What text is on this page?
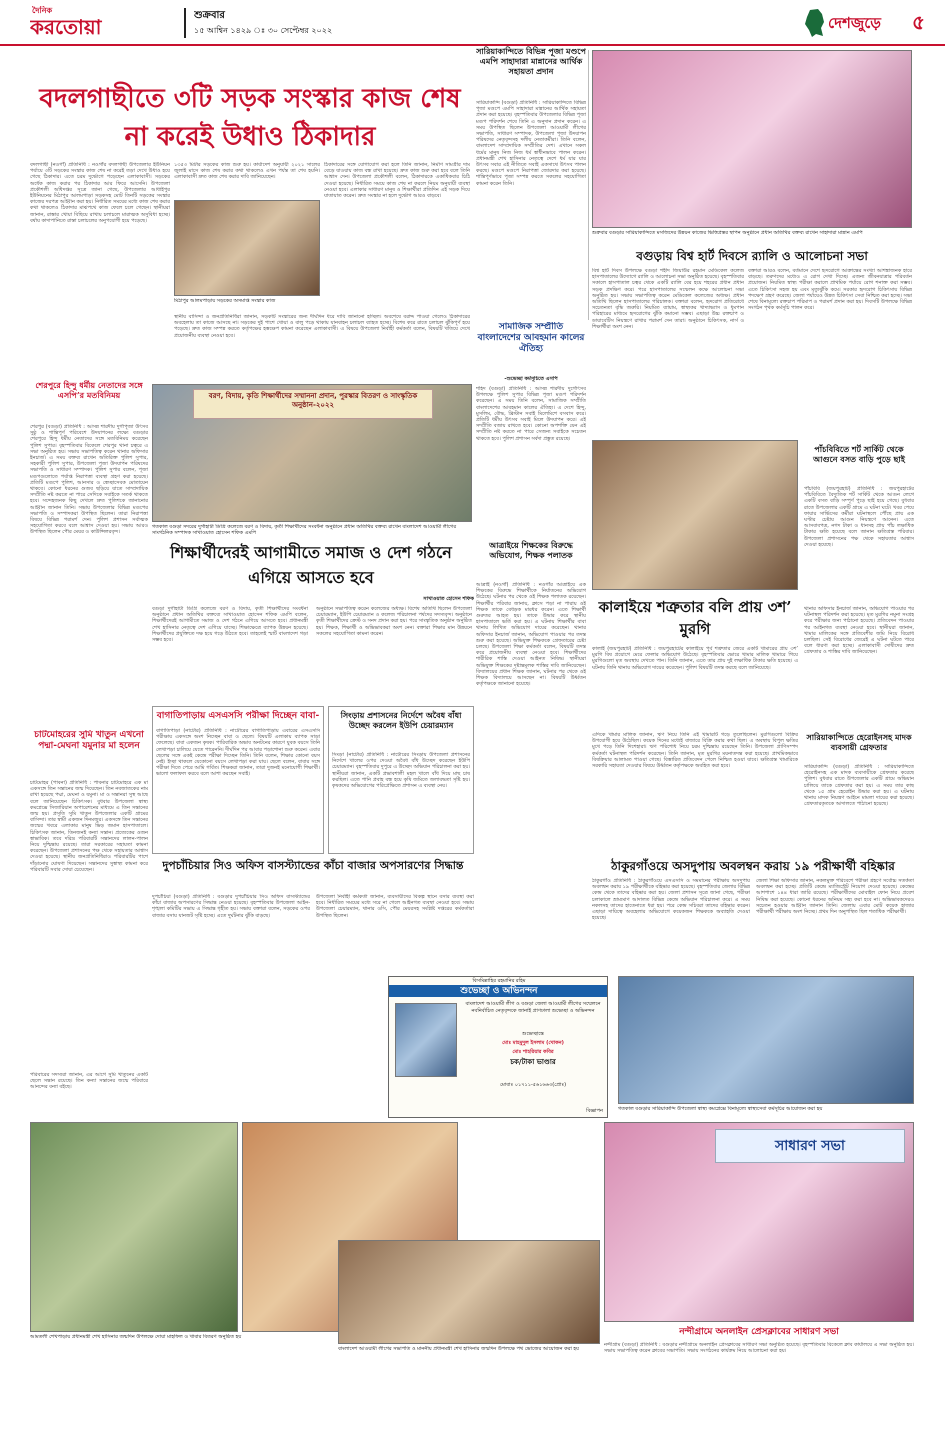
দৈনিক
করতোয়া	শুক্রবার
১৫ আশ্বিন ১৪২৯ ঃ ৩০ সেপ্টেম্বর ২০২২	দেশজুড়ে	৫
বদলগাছীতে ৩টি সড়ক সংস্কার কাজ শেষ না করেই উধাও ঠিকাদার
বদলগাছী (নওগাঁ) প্রতিনিধি : নওগাঁর বদলগাছী উপজেলার ইউনিয়ন পর্যায়ে ৩টি সড়কের সংস্কার কাজ শেষ না করেই তড়া দেখে উধাও হয়ে গেছে ঠিকাদার। এতে চরম দুর্ভোগে পড়েছেন এলাকাবাসী। সড়কের অর্ধেক কাজ করার পর ঠিকাদার আর ফিরে আসেনি। উপজেলা প্রকৌশলী অধিদপ্তর সূত্রে জানা গেছে, উপজেলার আধাইপুর ইউনিয়নের মিঠাপুর আলমপাড়া সড়কসহ মোট তিনটি সড়কের সংস্কার কাজের দরপত্র আহ্বান করা হয়। নির্ধারিত সময়ের মধ্যে কাজ শেষ করার কথা থাকলেও ঠিকাদার মাঝপথে কাজ ফেলে চলে গেছেন। স্থানীয়রা জানান, রাস্তার খোয়া বিছিয়ে রাখায় চলাচলে মারাত্মক অসুবিধা হচ্ছে। বর্ষায় কাদাপানিতে রাস্তা চলাচলের অনুপযোগী হয়ে পড়েছে।
১৩৫৩ মিটার সড়কের কাজ শুরু হয়। কার্যাদেশ অনুযায়ী ২০২১ সালের জুলাই মাসে কাজ শেষ করার কথা থাকলেও এখন পর্যন্ত তা শেষ হয়নি। এলাকাবাসী দ্রুত কাজ শেষ করার দাবি জানিয়েছেন।
ঠিকাদারের সঙ্গে যোগাযোগ করা হলে তিনি জানান, নির্মাণ সামগ্রীর দাম বেড়ে যাওয়ায় কাজ বন্ধ রাখা হয়েছে। দ্রুত কাজ শুরু করা হবে বলে তিনি আশ্বাস দেন। উপজেলা প্রকৌশলী বলেন, ঠিকাদারকে একাধিকবার চিঠি দেওয়া হয়েছে। নির্ধারিত সময়ে কাজ শেষ না করলে নিয়ম অনুযায়ী ব্যবস্থা নেওয়া হবে। এলাকার সাধারণ মানুষ ও শিক্ষার্থীরা প্রতিদিন এই সড়ক দিয়ে যাতায়াত করেন। দ্রুত সংস্কার না হলে দুর্ভোগ আরও বাড়বে।
মিঠাপুর আলমপাড়ায় সড়কের অসমাপ্ত সংস্কার কাজ
স্থানীয় বাসিন্দা ও জনপ্রতিনিধিরা জানান, সড়কটি সংস্কারের জন্য দীর্ঘদিন ধরে দাবি জানানো হচ্ছিল। অবশেষে বরাদ্দ পাওয়া গেলেও ঠিকাদারের অবহেলায় তা কাজে আসছে না। সড়কের দুই পাশে খোয়া ও বালু পড়ে থাকায় যানবাহন চলাচল ব্যাহত হচ্ছে। বিশেষ করে রাতে চলাচল ঝুঁকিপূর্ণ হয়ে পড়েছে। দ্রুত কাজ সম্পন্ন করতে কর্তৃপক্ষের হস্তক্ষেপ কামনা করেছেন এলাকাবাসী। এ বিষয়ে উপজেলা নির্বাহী কর্মকর্তা বলেন, বিষয়টি খতিয়ে দেখে প্রয়োজনীয় ব্যবস্থা নেওয়া হবে।
সারিয়াকান্দিতে বিভিন্ন পূজা মণ্ডপে এমপি সাহাদারা মান্নানের আর্থিক সহায়তা প্রদান
সারিয়াকান্দি (বগুড়া) প্রতিনিধি : সারিয়াকান্দিতে বিভিন্ন পূজা মণ্ডপে এমপি সাহাদারা মান্নানের আর্থিক সহায়তা প্রদান করা হয়েছে। বৃহস্পতিবার উপজেলার বিভিন্ন পূজা মণ্ডপ পরিদর্শন শেষে তিনি এ অনুদান প্রদান করেন। এ সময় উপস্থিত ছিলেন উপজেলা আওয়ামী লীগের সভাপতি, সাধারণ সম্পাদক, উপজেলা পূজা উদযাপন পরিষদের নেতৃবৃন্দসহ দলীয় নেতাকর্মীরা। তিনি বলেন, বাংলাদেশ সাম্প্রদায়িক সম্প্রীতির দেশ। এখানে সকল ধর্মের মানুষ নিজ নিজ ধর্ম স্বাধীনভাবে পালন করেন। প্রধানমন্ত্রী শেখ হাসিনার নেতৃত্বে দেশে ধর্ম যার যার উৎসব সবার এই নীতিতে সবাই একসাথে উৎসব পালন করছে। মণ্ডপে মণ্ডপে নিরাপত্তা জোরদার করা হয়েছে। শান্তিপূর্ণভাবে পূজা সম্পন্ন করতে সকলের সহযোগিতা কামনা করেন তিনি।
শুক্রবার বগুড়ার সারিয়াকান্দিতে মসজিদের উন্নয়ন কাজের ভিত্তিপ্রস্তর স্থাপন অনুষ্ঠানে প্রধান অতিথির বক্তব্য রাখেন সাহাদারা মান্নান এমপি
বগুড়ায় বিশ্ব হার্ট দিবসে র‌্যালি ও আলোচনা সভা
বিশ্ব হার্ট দিবস উপলক্ষে বগুড়া শহীদ জিয়াউর রহমান মেডিকেল কলেজ হাসপাতালের উদ্যোগে র‌্যালি ও আলোচনা সভা অনুষ্ঠিত হয়েছে। বৃহস্পতিবার সকালে হাসপাতাল চত্বর থেকে একটি র‌্যালি বের হয়ে শহরের প্রধান প্রধান সড়ক প্রদক্ষিণ করে। পরে হাসপাতালের সম্মেলন কক্ষে আলোচনা সভা অনুষ্ঠিত হয়। সভায় সভাপতিত্ব করেন মেডিকেল কলেজের অধ্যক্ষ। প্রধান অতিথি ছিলেন হাসপাতালের পরিচালক। বক্তারা বলেন, হৃদরোগ প্রতিরোধে সচেতনতা বৃদ্ধি জরুরি। নিয়মিত ব্যায়াম, স্বাস্থ্যকর খাদ্যাভ্যাস ও ধূমপান পরিহারের মাধ্যমে হৃদরোগের ঝুঁকি কমানো সম্ভব। এছাড়া উচ্চ রক্তচাপ ও ডায়াবেটিস নিয়ন্ত্রণে রাখার পরামর্শ দেন তারা। অনুষ্ঠানে চিকিৎসক, নার্স ও শিক্ষার্থীরা অংশ নেন।
বক্তারা আরও বলেন, বর্তমানে দেশে হৃদরোগে আক্রান্তের সংখ্যা আশঙ্কাজনক হারে বাড়ছে। তরুণদের মধ্যেও এ রোগ দেখা দিচ্ছে। এজন্য জীবনযাত্রার পরিবর্তন প্রয়োজন। নিয়মিত স্বাস্থ্য পরীক্ষা করালে প্রাথমিক পর্যায়ে রোগ শনাক্ত করা সম্ভব। এতে চিকিৎসা সহজ হয় এবং মৃত্যুঝুঁকি কমে। সরকার হৃদরোগ চিকিৎসায় বিভিন্ন পদক্ষেপ গ্রহণ করেছে। জেলা পর্যায়েও উন্নত চিকিৎসা সেবা নিশ্চিত করা হচ্ছে। সভা শেষে বিনামূল্যে রক্তচাপ পরিমাপ ও পরামর্শ প্রদান করা হয়। দিবসটি উপলক্ষে বিভিন্ন সংগঠন পৃথক কর্মসূচি পালন করে।
শেরপুরে হিন্দু ধর্মীয় নেতাদের সঙ্গে এসপি’র মতবিনিময়
শেরপুর (বগুড়া) প্রতিনিধি : আসন্ন শারদীয় দুর্গাপূজা উৎসব সুষ্ঠু ও শান্তিপূর্ণ পরিবেশে উদযাপনের লক্ষ্যে বগুড়ার শেরপুরে হিন্দু ধর্মীয় নেতাদের সঙ্গে মতবিনিময় করেছেন পুলিশ সুপার। বৃহস্পতিবার বিকেলে শেরপুর থানা চত্বরে এ সভা অনুষ্ঠিত হয়। সভায় সভাপতিত্ব করেন থানার অফিসার ইনচার্জ। এ সময় বক্তব্য রাখেন অতিরিক্ত পুলিশ সুপার, সহকারী পুলিশ সুপার, উপজেলা পূজা উদযাপন পরিষদের সভাপতি ও সাধারণ সম্পাদক। পুলিশ সুপার বলেন, পূজা মণ্ডপগুলোতে পর্যাপ্ত নিরাপত্তা ব্যবস্থা গ্রহণ করা হয়েছে। প্রতিটি মণ্ডপে পুলিশ, আনসার ও স্বেচ্ছাসেবক মোতায়েন থাকবে। কোনো ধরনের গুজব ছড়িয়ে যাতে সাম্প্রদায়িক সম্প্রীতি নষ্ট করতে না পারে সেদিকে সবাইকে সতর্ক থাকতে হবে। সন্দেহজনক কিছু দেখলে দ্রুত পুলিশকে জানানোর আহ্বান জানান তিনি। সভায় উপজেলার বিভিন্ন মণ্ডপের সভাপতি ও সম্পাদকরা উপস্থিত ছিলেন। তারা নিরাপত্তা বিষয়ে বিভিন্ন পরামর্শ দেন। পুলিশ প্রশাসন সর্বাত্মক সহযোগিতা করবে বলে আশ্বাস দেওয়া হয়। সভায় আরও উপস্থিত ছিলেন পৌর মেয়র ও কাউন্সিলরবৃন্দ।
বরণ, বিদায়, কৃতি শিক্ষার্থীদের সম্মাননা প্রদান, পুরস্কার বিতরণ ও সাংস্কৃতিক অনুষ্ঠান-২০২২
গতকাল বগুড়া সদরের দুর্গাহাটা ডিগ্রি কলেজে বরণ ও বিদায়, কৃতী শিক্ষার্থীদের সংবর্ধনা অনুষ্ঠানে প্রধান অতিথির বক্তব্য রাখেন বাংলাদেশ আওয়ামী লীগের সাংগঠনিক সম্পাদক সাখাওয়াত হোসেন শফিক এমপি
সামাজিক সম্প্রীতি বাংলাদেশের আবহমান কালের ঐতিহ্য
-শুভেচ্ছা কর্মসূচিতে এসপি
শহিদ (বগুড়া) প্রতিনিধি : আসন্ন শারদীয় দুর্গোৎসব উপলক্ষে পুলিশ সুপার বিভিন্ন পূজা মণ্ডপ পরিদর্শন করেছেন। এ সময় তিনি বলেন, সামাজিক সম্প্রীতি বাংলাদেশের আবহমান কালের ঐতিহ্য। এ দেশে হিন্দু, মুসলিম, বৌদ্ধ, খ্রিস্টান সবাই মিলেমিশে বসবাস করে। প্রতিটি ধর্মীয় উৎসব সবাই মিলে উদযাপন করে। এই সম্প্রীতি বজায় রাখতে হবে। কোনো অপশক্তি যেন এই সম্প্রীতি নষ্ট করতে না পারে সেজন্য সবাইকে সচেতন থাকতে হবে। পুলিশ প্রশাসন সর্বদা প্রস্তুত রয়েছে।
পাঁচবিবিতে শর্ট সার্কিট থেকে আগুনে বসত বাড়ি পুড়ে ছাই
পাঁচবিবি (জয়পুরহাট) প্রতিনিধি : জয়পুরহাটের পাঁচবিবিতে বৈদ্যুতিক শর্ট সার্কিট থেকে আগুন লেগে একটি বসত বাড়ি সম্পূর্ণ পুড়ে ছাই হয়ে গেছে। বুধবার রাতে উপজেলার একটি গ্রামে এ ঘটনা ঘটে। খবর পেয়ে ফায়ার সার্ভিসের কর্মীরা ঘটনাস্থলে পৌঁছে প্রায় এক ঘণ্টার চেষ্টায় আগুন নিয়ন্ত্রণে আনেন। এতে আসবাবপত্র, নগদ টাকা ও ধানসহ প্রায় পাঁচ লক্ষাধিক টাকার ক্ষতি হয়েছে বলে জানান ক্ষতিগ্রস্ত পরিবার। উপজেলা প্রশাসনের পক্ষ থেকে সহায়তার আশ্বাস দেওয়া হয়েছে।
শিক্ষার্থীদেরই আগামীতে সমাজ ও দেশ গঠনে এগিয়ে আসতে হবে
সাখাওয়াত হোসেন শফিক
বগুড়া দুর্গাহাটা ডিগ্রি কলেজে বরণ ও বিদায়, কৃতী শিক্ষার্থীদের সংবর্ধনা অনুষ্ঠানে প্রধান অতিথির বক্তব্যে সাখাওয়াত হোসেন শফিক এমপি বলেন, শিক্ষার্থীদেরই আগামীতে সমাজ ও দেশ গঠনে এগিয়ে আসতে হবে। প্রধানমন্ত্রী শেখ হাসিনার নেতৃত্বে দেশ এগিয়ে যাচ্ছে। শিক্ষাক্ষেত্রে ব্যাপক উন্নয়ন হয়েছে। শিক্ষার্থীদের প্রযুক্তিতে দক্ষ হয়ে গড়ে উঠতে হবে। তাহলেই স্মার্ট বাংলাদেশ গড়া সম্ভব হবে।
অনুষ্ঠানে সভাপতিত্ব করেন কলেজের অধ্যক্ষ। বিশেষ অতিথি ছিলেন উপজেলা চেয়ারম্যান, ইউপি চেয়ারম্যান ও কলেজ পরিচালনা পর্ষদের সদস্যবৃন্দ। অনুষ্ঠানে কৃতী শিক্ষার্থীদের ক্রেস্ট ও সনদ প্রদান করা হয়। পরে সাংস্কৃতিক অনুষ্ঠান অনুষ্ঠিত হয়। শিক্ষক, শিক্ষার্থী ও অভিভাবকরা অংশ নেন। বক্তারা শিক্ষার মান উন্নয়নে সকলের সহযোগিতা কামনা করেন।
কালাইয়ে শত্রুতার বলি প্রায় ৩শ’ মুরগি
কালাই (জয়পুরহাট) প্রতিনিধি : জয়পুরহাটের কালাইয়ে পূর্ব শত্রুতার জেরে একটি খামারের প্রায় ৩শ’ মুরগি বিষ প্রয়োগে মেরে ফেলার অভিযোগ উঠেছে। বৃহস্পতিবার ভোরে খামার মালিক খামারে গিয়ে মুরগিগুলো মৃত অবস্থায় দেখতে পান। তিনি জানান, এতে তার প্রায় দুই লক্ষাধিক টাকার ক্ষতি হয়েছে। এ ঘটনায় তিনি থানায় অভিযোগ দায়ের করেছেন। পুলিশ বিষয়টি তদন্ত করছে বলে জানিয়েছে।
থানার অফিসার ইনচার্জ জানান, অভিযোগ পাওয়ার পর ঘটনাস্থল পরিদর্শন করা হয়েছে। মৃত মুরগির নমুনা সংগ্রহ করে পরীক্ষার জন্য পাঠানো হয়েছে। প্রতিবেদন পাওয়ার পর আইনগত ব্যবস্থা নেওয়া হবে। স্থানীয়রা জানান, খামার মালিকের সঙ্গে প্রতিবেশীর জমি নিয়ে বিরোধ চলছিল। সেই বিরোধের জেরেই এ ঘটনা ঘটতে পারে বলে ধারণা করা হচ্ছে। এলাকাবাসী দোষীদের দ্রুত গ্রেফতার ও শাস্তির দাবি জানিয়েছেন।
চাটমোহরের সুমি খাতুন এখনো পদ্মা-মেঘনা যমুনার মা হলেন
চাটমোহর (পাবনা) প্রতিনিধি : পাবনার চাটমোহরে এক মা একসঙ্গে তিন সন্তানের জন্ম দিয়েছেন। তিন নবজাতকের নাম রাখা হয়েছে পদ্মা, মেঘনা ও যমুনা। মা ও সন্তানরা সুস্থ আছে বলে জানিয়েছেন চিকিৎসক। বুধবার উপজেলা স্বাস্থ্য কমপ্লেক্সে সিজারিয়ান অপারেশনের মাধ্যমে এ তিন সন্তানের জন্ম হয়। প্রসূতি সুমি খাতুন উপজেলার একটি গ্রামের বাসিন্দা। তার স্বামী একজন দিনমজুর। একসঙ্গে তিন সন্তানের জন্মের খবরে এলাকার মানুষ ভিড় জমান হাসপাতালে। চিকিৎসক জানান, তিনজনই কন্যা সন্তান। প্রত্যেকের ওজন স্বাভাবিক। তবে দরিদ্র পরিবারটি সন্তানদের লালন-পালন নিয়ে দুশ্চিন্তায় রয়েছে। তারা সরকারের সহায়তা কামনা করেছেন। উপজেলা প্রশাসনের পক্ষ থেকে সহায়তার আশ্বাস দেওয়া হয়েছে। স্থানীয় জনপ্রতিনিধিরাও পরিবারটির পাশে দাঁড়ানোর ঘোষণা দিয়েছেন। সন্তানদের সুস্বাস্থ্য কামনা করে পরিবারটি সবার দোয়া চেয়েছেন।
বাগাতিপাড়ায় এসএসসি পরীক্ষা দিচ্ছেন বাবা-
বাগাতিপাড়া (নাটোর) প্রতিনিধি : নাটোরের বাগাতিপাড়ায় এবারের এসএসসি পরীক্ষায় একসঙ্গে অংশ নিচ্ছেন বাবা ও ছেলে। বিষয়টি এলাকায় ব্যাপক সাড়া ফেলেছে। বাবা একজন কৃষক। পারিবারিক অভাব অনটনের কারণে যুবক বয়সে তিনি লেখাপড়া চালিয়ে যেতে পারেননি। দীর্ঘদিন পর আবার পড়াশোনা শুরু করেন। এবার ছেলের সঙ্গে একই কেন্দ্রে পরীক্ষা দিচ্ছেন তিনি। তিনি বলেন, শিক্ষার কোনো বয়স নেই। ইচ্ছা থাকলে যেকোনো বয়সে লেখাপড়া করা যায়। ছেলে বলেন, বাবার সঙ্গে পরীক্ষা দিতে পেরে আমি গর্বিত। শিক্ষকরা জানান, তারা দুজনই মনোযোগী শিক্ষার্থী। ভালো ফলাফল করবে বলে আশা করছেন সবাই।
সিংড়ায় প্রশাসনের নির্দেশে অবৈধ বাঁধা উচ্ছেদ করলেন ইউপি চেয়ারম্যান
সিংড়া (নাটোর) প্রতিনিধি : নাটোরের সিংড়ায় উপজেলা প্রশাসনের নির্দেশে খালের ওপর দেওয়া অবৈধ বাঁধ উচ্ছেদ করেছেন ইউপি চেয়ারম্যান। বৃহস্পতিবার দুপুরে এ উচ্ছেদ অভিযান পরিচালনা করা হয়। স্থানীয়রা জানান, একটি প্রভাবশালী মহল খালে বাঁধ দিয়ে মাছ চাষ করছিল। এতে পানি প্রবাহ বন্ধ হয়ে কৃষি জমিতে জলাবদ্ধতা সৃষ্টি হয়। কৃষকদের অভিযোগের পরিপ্রেক্ষিতে প্রশাসন এ ব্যবস্থা নেয়।
আত্রাইয়ে শিক্ষকের বিরুদ্ধে অভিযোগ, শিক্ষক পলাতক
আত্রাই (নওগাঁ) প্রতিনিধি : নওগাঁর আত্রাইয়ে এক শিক্ষকের বিরুদ্ধে শিক্ষার্থীকে নির্যাতনের অভিযোগ উঠেছে। ঘটনার পর থেকে ওই শিক্ষক পলাতক রয়েছেন। শিক্ষার্থীর পরিবার জানায়, ক্লাসে পড়া না পারায় ওই শিক্ষক তাকে বেধড়ক মারধর করেন। এতে শিক্ষার্থী গুরুতর আহত হয়। তাকে উদ্ধার করে স্থানীয় হাসপাতালে ভর্তি করা হয়। এ ঘটনায় শিক্ষার্থীর বাবা থানায় লিখিত অভিযোগ দায়ের করেছেন। থানার অফিসার ইনচার্জ জানান, অভিযোগ পাওয়ার পর তদন্ত শুরু করা হয়েছে। অভিযুক্ত শিক্ষককে গ্রেফতারের চেষ্টা চলছে। উপজেলা শিক্ষা কর্মকর্তা বলেন, বিষয়টি তদন্ত করে প্রয়োজনীয় ব্যবস্থা নেওয়া হবে। শিক্ষার্থীদের শারীরিক শাস্তি দেওয়া আইনত নিষিদ্ধ। স্থানীয়রা অভিযুক্ত শিক্ষকের দৃষ্টান্তমূলক শাস্তির দাবি জানিয়েছেন। বিদ্যালয়ের প্রধান শিক্ষক জানান, ঘটনার পর থেকে ওই শিক্ষক বিদ্যালয়ে আসছেন না। বিষয়টি উর্ধ্বতন কর্তৃপক্ষকে জানানো হয়েছে।
এদিকে খামার মালিক জানান, ঋণ নিয়ে তিনি এই খামারটি গড়ে তুলেছিলেন। মুরগিগুলো বিক্রির উপযোগী হয়ে উঠেছিল। কয়েক দিনের মধ্যেই বাজারে বিক্রি করার কথা ছিল। এ অবস্থায় বিপুল ক্ষতির মুখে পড়ে তিনি দিশেহারা। ঋণ পরিশোধ নিয়ে চরম দুশ্চিন্তায় রয়েছেন তিনি। উপজেলা প্রাণিসম্পদ কর্মকর্তা ঘটনাস্থল পরিদর্শন করেছেন। তিনি জানান, মৃত মুরগির ময়নাতদন্ত করা হয়েছে। প্রাথমিকভাবে বিষক্রিয়ার আলামত পাওয়া গেছে। বিস্তারিত প্রতিবেদন পেলে নিশ্চিত হওয়া যাবে। ক্ষতিগ্রস্ত খামারিকে সরকারি সহায়তা দেওয়ার বিষয়ে উর্ধ্বতন কর্তৃপক্ষকে অবহিত করা হবে।
সারিয়াকান্দিতে হেরোইনসহ মাদক ব্যবসায়ী গ্রেফতার
সারিয়াকান্দি (বগুড়া) প্রতিনিধি : সারিয়াকান্দিতে হেরোইনসহ এক মাদক ব্যবসায়ীকে গ্রেফতার করেছে পুলিশ। বুধবার রাতে উপজেলার একটি গ্রামে অভিযান চালিয়ে তাকে গ্রেফতার করা হয়। এ সময় তার কাছ থেকে ১৫ গ্রাম হেরোইন উদ্ধার করা হয়। এ ঘটনায় থানায় মাদক নিয়ন্ত্রণ আইনে মামলা দায়ের করা হয়েছে। গ্রেফতারকৃতকে আদালতে পাঠানো হয়েছে।
ঠাকুরগাঁওয়ে অসদুপায় অবলম্বন করায় ১৯ পরীক্ষার্থী বহিষ্কার
ঠাকুরগাঁও প্রতিনিধি : ঠাকুরগাঁওয়ে এসএসসি ও সমমানের পরীক্ষায় অসদুপায় অবলম্বন করায় ১৯ পরীক্ষার্থীকে বহিষ্কার করা হয়েছে। বৃহস্পতিবার জেলার বিভিন্ন কেন্দ্র থেকে তাদের বহিষ্কার করা হয়। জেলা প্রশাসন সূত্রে জানা গেছে, পরীক্ষা চলাকালে ভ্রাম্যমাণ আদালত বিভিন্ন কেন্দ্রে অভিযান পরিচালনা করে। এ সময় নকলসহ তাদের হাতেনাতে ধরা হয়। পরে কেন্দ্র সচিবরা তাদের বহিষ্কার করেন। এছাড়া দায়িত্বে অবহেলার অভিযোগে কয়েকজন শিক্ষককে অব্যাহতি দেওয়া হয়েছে।
জেলা শিক্ষা অফিসার জানান, নকলমুক্ত পরিবেশে পরীক্ষা গ্রহণে সর্বোচ্চ সতর্কতা অবলম্বন করা হচ্ছে। প্রতিটি কেন্দ্রে ম্যাজিস্ট্রেট নিয়োগ দেওয়া হয়েছে। কেন্দ্রের আশপাশে ১৪৪ ধারা জারি রয়েছে। পরীক্ষার্থীদের মোবাইল ফোন নিয়ে প্রবেশ নিষিদ্ধ করা হয়েছে। কোনো ধরনের অনিয়ম সহ্য করা হবে না। অভিভাবকদেরও সচেতন হওয়ার আহ্বান জানান তিনি। জেলায় এবার মোট কয়েক হাজার পরীক্ষার্থী পরীক্ষায় অংশ নিচ্ছে। প্রথম দিন অনুপস্থিত ছিল শতাধিক পরীক্ষার্থী।
দুপচাঁচিয়ার সিও অফিস বাসস্ট্যান্ডের কাঁচা বাজার অপসারণের সিদ্ধান্ত
দুপচাঁচিয়া (বগুড়া) প্রতিনিধি : বগুড়ার দুপচাঁচিয়ার সিও অফিস বাসস্ট্যান্ডের কাঁচা বাজার অপসারণের সিদ্ধান্ত নেওয়া হয়েছে। বৃহস্পতিবার উপজেলা আইন-শৃঙ্খলা কমিটির সভায় এ সিদ্ধান্ত গৃহীত হয়। সভায় বক্তারা বলেন, সড়কের ওপর বাজার বসায় যানজট সৃষ্টি হচ্ছে। এতে দুর্ঘটনার ঝুঁকি বাড়ছে।
উপজেলা নির্বাহী কর্মকর্তা জানান, ব্যবসায়ীদের বিকল্প স্থানে বসার ব্যবস্থা করা হবে। নির্ধারিত সময়ের মধ্যে সরে না গেলে আইনগত ব্যবস্থা নেওয়া হবে। সভায় উপজেলা চেয়ারম্যান, থানার ওসি, পৌর মেয়রসহ সংশ্লিষ্ট দপ্তরের কর্মকর্তারা উপস্থিত ছিলেন।
পরিবারের সদস্যরা জানান, এর আগে সুমি খাতুনের একটি ছেলে সন্তান রয়েছে। তিন কন্যা সন্তানের জন্মে পরিবারে আনন্দের বন্যা বইছে।
বিসমিল্লাহির রহমানির রহিম
শুভেচ্ছা ও অভিনন্দন
বাংলাদেশ আওয়ামী লীগ ও বগুড়া জেলা আওয়ামী লীগের সম্মেলনে নবনির্বাচিত নেতৃবৃন্দকে জানাই প্রাণঢালা শুভেচ্ছা ও অভিনন্দন
শুভেচ্ছান্তে
মোঃ মাহমুদুল ইসলাম (খোকন)
মোঃ শাহরিয়ার কবির
চক/টাকা ভাণ্ডার
মোবাঃ ০১৭১১-৫৬১৬৬৩(প্রোঃ)
বিজ্ঞাপন	গতকাল বগুড়ার সারিয়াকান্দি উপজেলা স্বাস্থ্য কমপ্লেক্সে বিনামূল্যে স্বাস্থ্যসেবা কর্মসূচির আয়োজন করা হয়
আমতলী শেখপাড়ায় প্রধানমন্ত্রী শেখ হাসিনার জন্মদিন উপলক্ষে দোয়া মাহফিল ও খাবার বিতরণ অনুষ্ঠিত হয়
বাংলাদেশ আওয়ামী লীগের সভাপতি ও মাননীয় প্রধানমন্ত্রী শেখ হাসিনার জন্মদিন উপলক্ষে পথ ভোজের আয়োজন করা হয়
সাধারণ সভা
নন্দীগ্রামে অনলাইন প্রেসক্লাবের সাধারণ সভা
নন্দীগ্রাম (বগুড়া) প্রতিনিধি : বগুড়ার নন্দীগ্রামে অনলাইন প্রেসক্লাবের সাধারণ সভা অনুষ্ঠিত হয়েছে। বৃহস্পতিবার বিকেলে ক্লাব কার্যালয়ে এ সভা অনুষ্ঠিত হয়। সভায় সভাপতিত্ব করেন ক্লাবের সভাপতি। সভায় সংগঠনের কার্যক্রম নিয়ে আলোচনা করা হয়।
